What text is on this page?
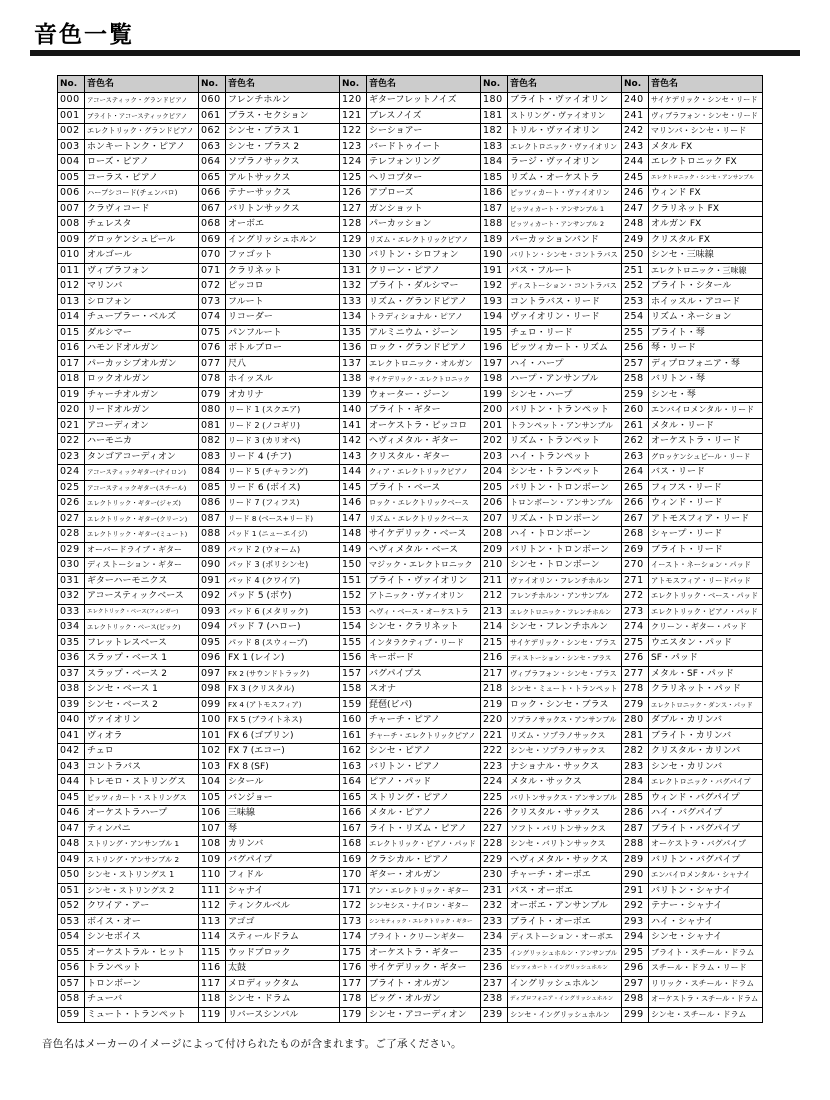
音色一覧
No.	音色名
000	アコースティック・グランドピアノ
001	ブライト・アコースティックピアノ
002	エレクトリック・グランドピアノ
003	ホンキートンク・ピアノ
004	ローズ・ピアノ
005	コーラス・ピアノ
006	ハープシコード(チェンバロ)
007	クラヴィコード
008	チェレスタ
009	グロッケンシュピール
010	オルゴール
011	ヴィブラフォン
012	マリンバ
013	シロフォン
014	チューブラー・ベルズ
015	ダルシマー
016	ハモンドオルガン
017	パーカッシブオルガン
018	ロックオルガン
019	チャーチオルガン
020	リードオルガン
021	アコーディオン
022	ハーモニカ
023	タンゴアコーディオン
024	アコースティックギター(ナイロン)
025	アコースティックギター(スチール)
026	エレクトリック・ギター(ジャズ)
027	エレクトリック・ギター(クリーン)
028	エレクトリック・ギター(ミュート)
029	オーバードライブ・ギター
030	ディストーション・ギター
031	ギターハーモニクス
032	アコースティックベース
033	エレクトリック・ベース(フィンガー)
034	エレクトリック・ベース(ピック)
035	フレットレスベース
036	スラップ・ベース 1
037	スラップ・ベース 2
038	シンセ・ベース 1
039	シンセ・ベース 2
040	ヴァイオリン
041	ヴィオラ
042	チェロ
043	コントラバス
044	トレモロ・ストリングス
045	ピッツィカート・ストリングス
046	オーケストラハープ
047	ティンパニ
048	ストリング・アンサンブル 1
049	ストリング・アンサンブル 2
050	シンセ・ストリングス 1
051	シンセ・ストリングス 2
052	クワイア・アー
053	ボイス・オー
054	シンセボイス
055	オーケストラル・ヒット
056	トランペット
057	トロンボーン
058	チューバ
059	ミュート・トランペット
No.	音色名
060	フレンチホルン
061	ブラス・セクション
062	シンセ・ブラス 1
063	シンセ・ブラス 2
064	ソプラノサックス
065	アルトサックス
066	テナーサックス
067	バリトンサックス
068	オーボエ
069	イングリッシュホルン
070	ファゴット
071	クラリネット
072	ピッコロ
073	フルート
074	リコーダー
075	パンフルート
076	ボトルブロー
077	尺八
078	ホイッスル
079	オカリナ
080	リード 1 (スクエア)
081	リード 2 (ノコギリ)
082	リード 3 (カリオペ)
083	リード 4 (チフ)
084	リード 5 (チャラング)
085	リード 6 (ボイス)
086	リード 7 (フィフス)
087	リード 8 (ベース+リード)
088	パッド 1 (ニューエイジ)
089	パッド 2 (ウォーム)
090	パッド 3 (ポリシンセ)
091	パッド 4 (クワイア)
092	パッド 5 (ボウ)
093	パッド 6 (メタリック)
094	パッド 7 (ハロー)
095	パッド 8 (スウィープ)
096	FX 1 (レイン)
097	FX 2 (サウンドトラック)
098	FX 3 (クリスタル)
099	FX 4 (アトモスフィア)
100	FX 5 (ブライトネス)
101	FX 6 (ゴブリン)
102	FX 7 (エコー)
103	FX 8 (SF)
104	シタール
105	バンジョー
106	三味線
107	琴
108	カリンバ
109	バグパイプ
110	フィドル
111	シャナイ
112	ティンクルベル
113	アゴゴ
114	スティールドラム
115	ウッドブロック
116	太鼓
117	メロディックタム
118	シンセ・ドラム
119	リバースシンバル
No.	音色名
120	ギターフレットノイズ
121	ブレスノイズ
122	シーショアー
123	バードトゥイート
124	テレフォンリング
125	ヘリコプター
126	アプローズ
127	ガンショット
128	パーカッション
129	リズム・エレクトリックピアノ
130	バリトン・シロフォン
131	クリーン・ピアノ
132	ブライト・ダルシマー
133	リズム・グランドピアノ
134	トラディショナル・ピアノ
135	アルミニウム・ジーン
136	ロック・グランドピアノ
137	エレクトロニック・オルガン
138	サイケデリック・エレクトロニック
139	ウォーター・ジーン
140	ブライト・ギター
141	オーケストラ・ピッコロ
142	ヘヴィメタル・ギター
143	クリスタル・ギター
144	クィア・エレクトリックピアノ
145	ブライト・ベース
146	ロック・エレクトリックベース
147	リズム・エレクトリックベース
148	サイケデリック・ベース
149	ヘヴィメタル・ベース
150	マジック・エレクトロニック
151	ブライト・ヴァイオリン
152	アトニック・ヴァイオリン
153	ヘヴィ・ベース・オーケストラ
154	シンセ・クラリネット
155	インタラクティブ・リード
156	キーボード
157	バグパイプス
158	スオナ
159	琵琶(ビパ)
160	チャーチ・ピアノ
161	チャーチ・エレクトリックピアノ
162	シンセ・ピアノ
163	バリトン・ピアノ
164	ピアノ・パッド
165	ストリング・ピアノ
166	メタル・ピアノ
167	ライト・リズム・ピアノ
168	エレクトリック・ピアノ・パッド
169	クラシカル・ピアノ
170	ギター・オルガン
171	アン・エレクトリック・ギター
172	シンセシス・ナイロン・ギター
173	シンセティック・エレクトリック・ギター
174	ブライト・クリーンギター
175	オーケストラ・ギター
176	サイケデリック・ギター
177	ブライト・オルガン
178	ビッグ・オルガン
179	シンセ・アコーディオン
No.	音色名
180	ブライト・ヴァイオリン
181	ストリング・ヴァイオリン
182	トリル・ヴァイオリン
183	エレクトロニック・ヴァイオリン
184	ラージ・ヴァイオリン
185	リズム・オーケストラ
186	ピッツィカート・ヴァイオリン
187	ピッツィカート・アンサンブル 1
188	ピッツィカート・アンサンブル 2
189	パーカッションバンド
190	バリトン・シンセ・コントラバス
191	バス・フルート
192	ディストーション・コントラバス
193	コントラバス・リード
194	ヴァイオリン・リード
195	チェロ・リード
196	ピッツィカート・リズム
197	ハイ・ハープ
198	ハープ・アンサンブル
199	シンセ・ハープ
200	バリトン・トランペット
201	トランペット・アンサンブル
202	リズム・トランペット
203	ハイ・トランペット
204	シンセ・トランペット
205	バリトン・トロンボーン
206	トロンボーン・アンサンブル
207	リズム・トロンボーン
208	ハイ・トロンボーン
209	バリトン・トロンボーン
210	シンセ・トロンボーン
211	ヴァイオリン・フレンチホルン
212	フレンチホルン・アンサンブル
213	エレクトロニック・フレンチホルン
214	シンセ・フレンチホルン
215	サイケデリック・シンセ・ブラス
216	ディストーション・シンセ・ブラス
217	ヴィブラフォン・シンセ・ブラス
218	シンセ・ミュート・トランペット
219	ロック・シンセ・ブラス
220	ソプラノサックス・アンサンブル
221	リズム・ソプラノサックス
222	シンセ・ソプラノサックス
223	ナショナル・サックス
224	メタル・サックス
225	バリトンサックス・アンサンブル
226	クリスタル・サックス
227	ソフト・バリトンサックス
228	シンセ・バリトンサックス
229	ヘヴィメタル・サックス
230	チャーチ・オーボエ
231	バス・オーボエ
232	オーボエ・アンサンブル
233	ブライト・オーボエ
234	ディストーション・オーボエ
235	イングリッシュホルン・アンサンブル
236	ピッツィカート・イングリッシュホルン
237	イングリッシュホルン
238	ディプロフォニア・イングリッシュホルン
239	シンセ・イングリッシュホルン
No.	音色名
240	サイケデリック・シンセ・リード
241	ヴィブラフォン・シンセ・リード
242	マリンバ・シンセ・リード
243	メタル FX
244	エレクトロニック FX
245	エレクトロニック・シンセ・アンサンブル
246	ウィンド FX
247	クラリネット FX
248	オルガン FX
249	クリスタル FX
250	シンセ・三味線
251	エレクトロニック・三味線
252	ブライト・シタール
253	ホイッスル・アコード
254	リズム・ネーション
255	ブライト・琴
256	琴・リード
257	ディプロフォニア・琴
258	バリトン・琴
259	シンセ・琴
260	エンバイロメンタル・リード
261	メタル・リード
262	オーケストラ・リード
263	グロッケンシュピール・リード
264	バス・リード
265	フィフス・リード
266	ウィンド・リード
267	アトモスフィア・リード
268	シャープ・リード
269	ブライト・リード
270	イースト・ネーション・パッド
271	アトモスフィア・リードパッド
272	エレクトリック・ベース・パッド
273	エレクトリック・ピアノ・パッド
274	クリーン・ギター・パッド
275	ウエスタン・パッド
276	SF・パッド
277	メタル・SF・パッド
278	クラリネット・パッド
279	エレクトロニック・ダンス・パッド
280	ダブル・カリンバ
281	ブライト・カリンバ
282	クリスタル・カリンバ
283	シンセ・カリンバ
284	エレクトロニック・バグパイプ
285	ウィンド・バグパイプ
286	ハイ・バグパイプ
287	ブライト・バグパイプ
288	オーケストラ・バグパイプ
289	バリトン・バグパイプ
290	エンバイロメンタル・シャナイ
291	バリトン・シャナイ
292	テナー・シャナイ
293	ハイ・シャナイ
294	シンセ・シャナイ
295	ブライト・スチール・ドラム
296	スチール・ドラム・リード
297	リリック・スチール・ドラム
298	オーケストラ・スチール・ドラム
299	シンセ・スチール・ドラム

音色名はメーカーのイメージによって付けられたものが含まれます。ご了承ください。
